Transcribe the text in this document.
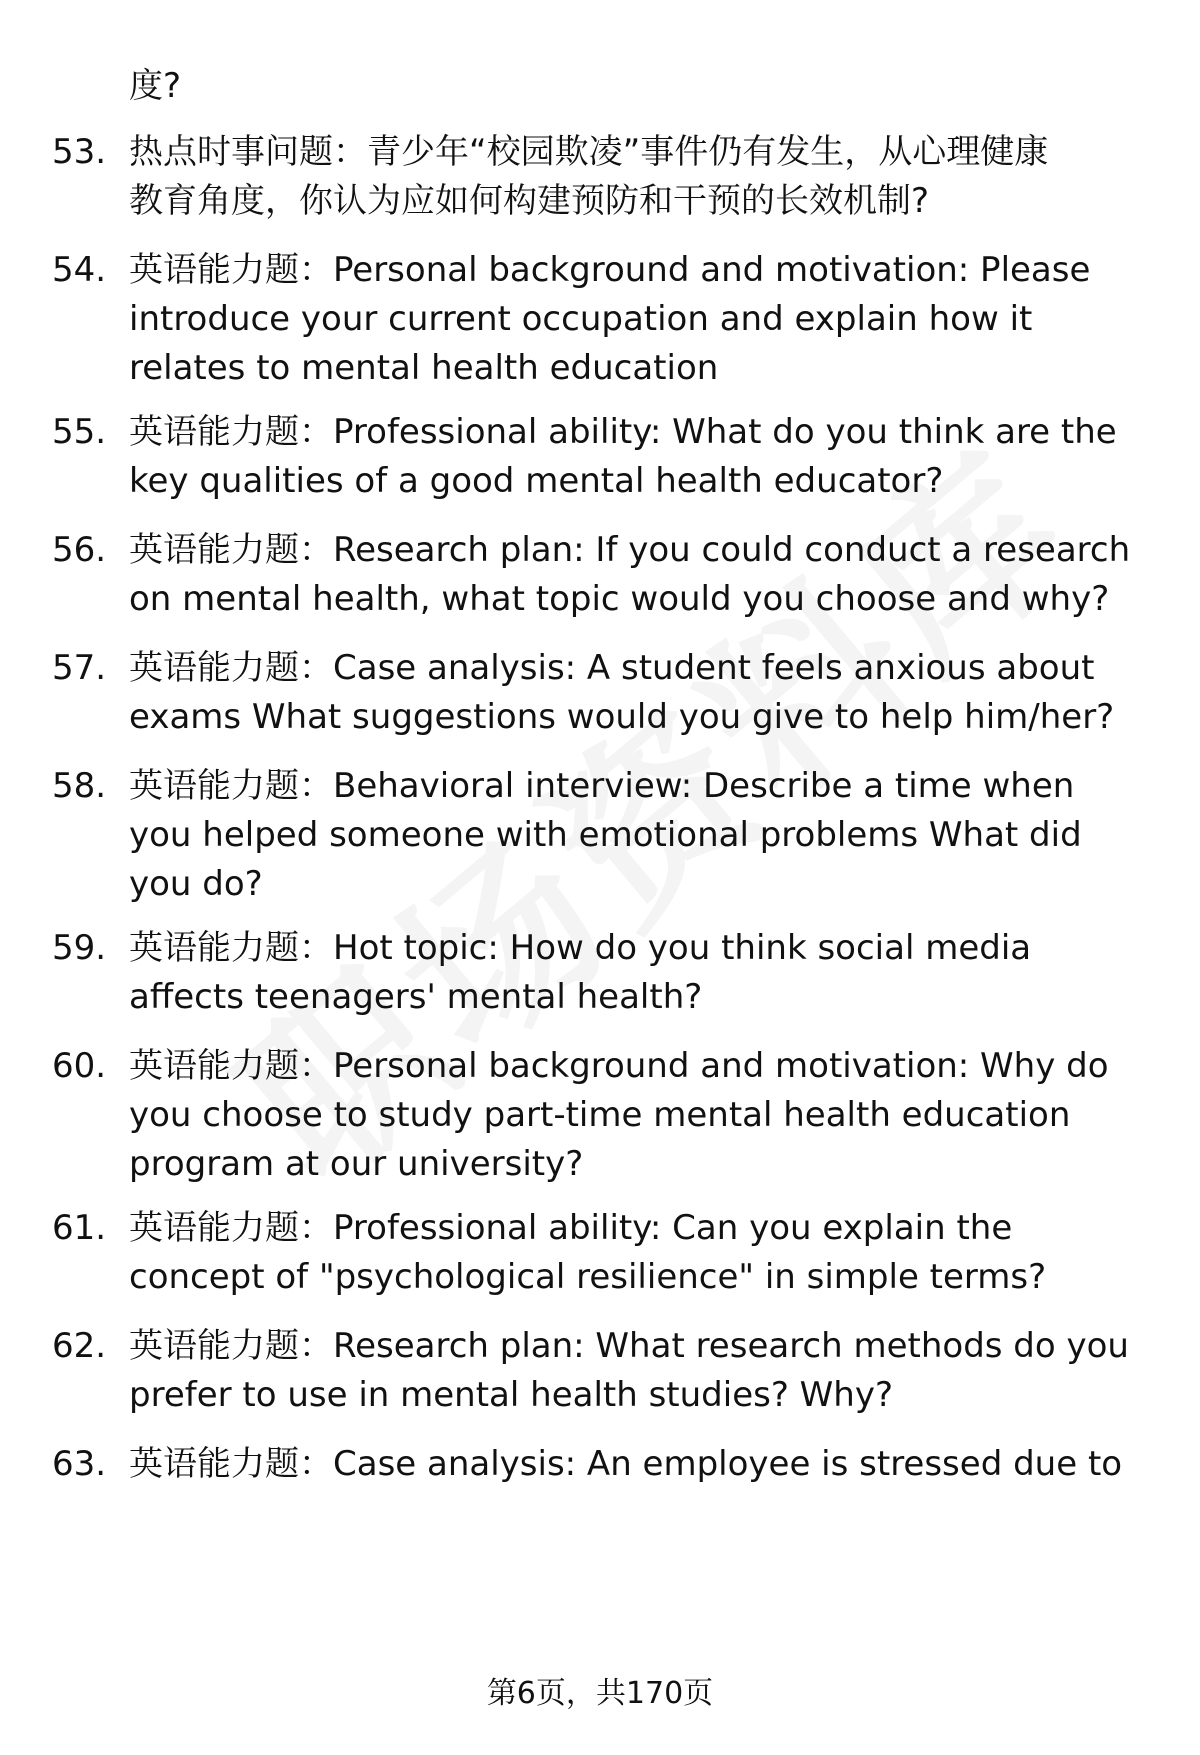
度?

53. 热点时事问题：青少年“校园欺凌”事件仍有发生，从心理健康
教育角度，你认为应如何构建预防和干预的长效机制?
54. 英语能力题：Personal background and motivation: Please
introduce your current occupation and explain how it
relates to mental health education
55. 英语能力题：Professional ability: What do you think are the
key qualities of a good mental health educator?
56. 英语能力题：Research plan: If you could conduct a research
on mental health, what topic would you choose and why?
57. 英语能力题：Case analysis: A student feels anxious about
exams What suggestions would you give to help him/her?
58. 英语能力题：Behavioral interview: Describe a time when
you helped someone with emotional problems What did
you do?
59. 英语能力题：Hot topic: How do you think social media
affects teenagers' mental health?
60. 英语能力题：Personal background and motivation: Why do
you choose to study part-time mental health education
program at our university?
61. 英语能力题：Professional ability: Can you explain the
concept of "psychological resilience" in simple terms?
62. 英语能力题：Research plan: What research methods do you
prefer to use in mental health studies? Why?
63. 英语能力题：Case analysis: An employee is stressed due to
第6页，共170页
